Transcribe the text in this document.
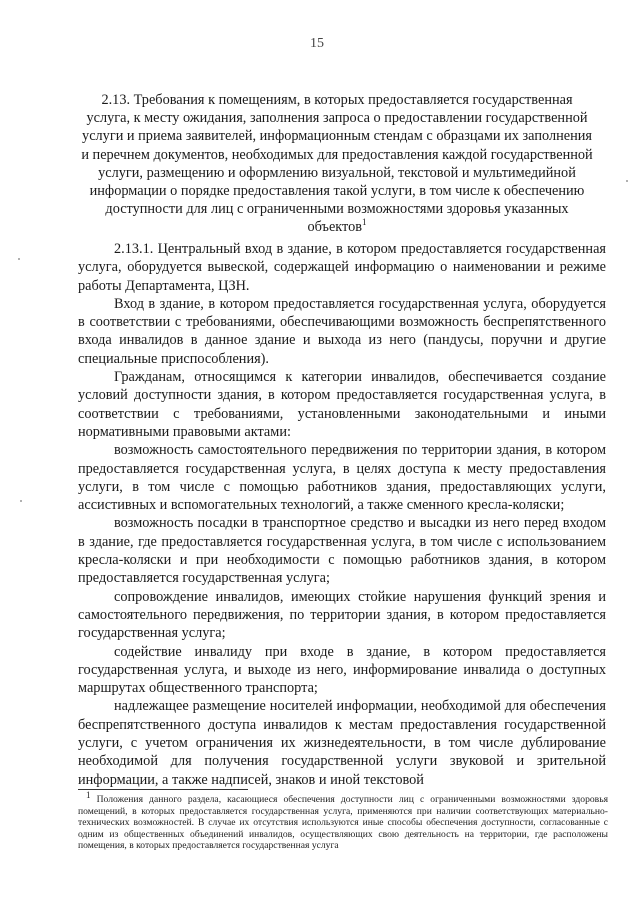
15
2.13. Требования к помещениям, в которых предоставляется государственная услуга, к месту ожидания, заполнения запроса о предоставлении государственной услуги и приема заявителей, информационным стендам с образцами их заполнения и перечнем документов, необходимых для предоставления каждой государственной услуги, размещению и оформлению визуальной, текстовой и мультимедийной информации о порядке предоставления такой услуги, в том числе к обеспечению доступности для лиц с ограниченными возможностями здоровья указанных объектов$^1$

2.13.1. Центральный вход в здание, в котором предоставляется государственная услуга, оборудуется вывеской, содержащей информацию о наименовании и режиме работы Департамента, ЦЗН.

Вход в здание, в котором предоставляется государственная услуга, оборудуется в соответствии с требованиями, обеспечивающими возможность беспрепятственного входа инвалидов в данное здание и выхода из него (пандусы, поручни и другие специальные приспособления).

Гражданам, относящимся к категории инвалидов, обеспечивается создание условий доступности здания, в котором предоставляется государственная услуга, в соответствии с требованиями, установленными законодательными и иными нормативными правовыми актами:

возможность самостоятельного передвижения по территории здания, в котором предоставляется государственная услуга, в целях доступа к месту предоставления услуги, в том числе с помощью работников здания, предоставляющих услуги, ассистивных и вспомогательных технологий, а также сменного кресла-коляски;

возможность посадки в транспортное средство и высадки из него перед входом в здание, где предоставляется государственная услуга, в том числе с использованием кресла-коляски и при необходимости с помощью работников здания, в котором предоставляется государственная услуга;

сопровождение инвалидов, имеющих стойкие нарушения функций зрения и самостоятельного передвижения, по территории здания, в котором предоставляется государственная услуга;

содействие инвалиду при входе в здание, в котором предоставляется государственная услуга, и выходе из него, информирование инвалида о доступных маршрутах общественного транспорта;

надлежащее размещение носителей информации, необходимой для обеспечения беспрепятственного доступа инвалидов к местам предоставления государственной услуги, с учетом ограничения их жизнедеятельности, в том числе дублирование необходимой для получения государственной услуги звуковой и зрительной информации, а также надписей, знаков и иной текстовой

$^1$ Положения данного раздела, касающиеся обеспечения доступности лиц с ограниченными возможностями здоровья помещений, в которых предоставляется государственная услуга, применяются при наличии соответствующих материально-технических возможностей. В случае их отсутствия используются иные способы обеспечения доступности, согласованные с одним из общественных объединений инвалидов, осуществляющих свою деятельность на территории, где расположены помещения, в которых предоставляется государственная услуга
